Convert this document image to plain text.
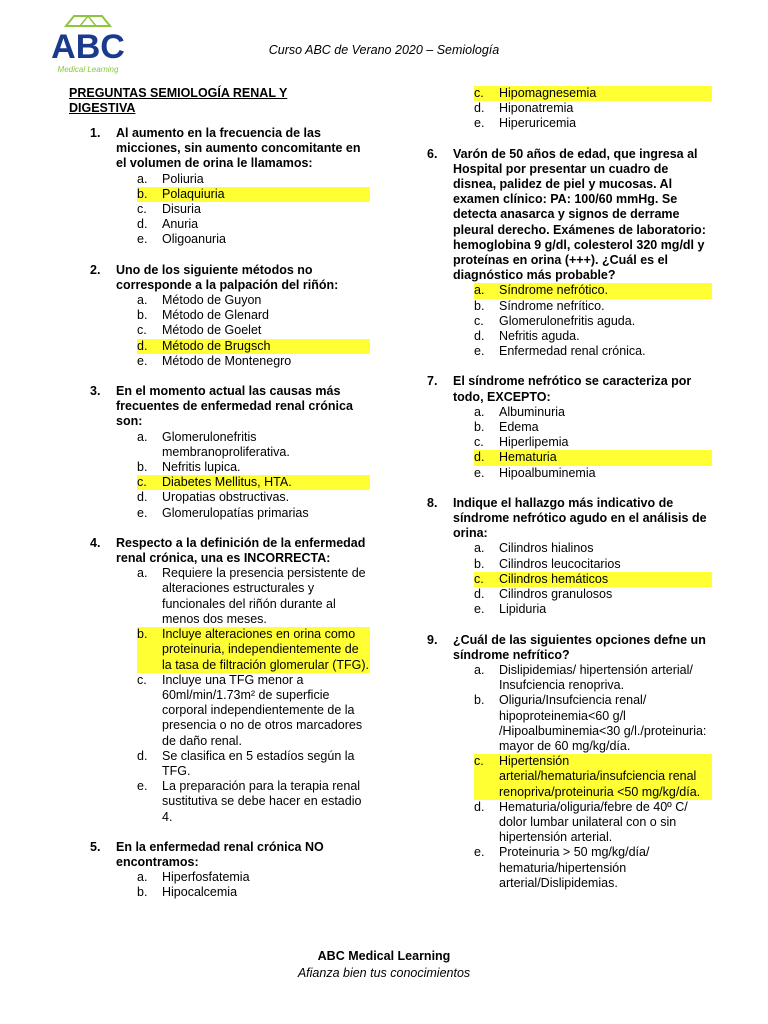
ABC
Medical Learning
Curso ABC de Verano 2020 – Semiología
PREGUNTAS SEMIOLOGÍA RENAL Y DIGESTIVA
1.	Al aumento en la frecuencia de las micciones, sin aumento concomitante en el volumen de orina le llamamos:
a.	Poliuria
b.	Polaquiuria
c.	Disuria
d.	Anuria
e.	Oligoanuria
2.	Uno de los siguiente métodos no corresponde a la palpación del riñón:
a.	Método de Guyon
b.	Método de Glenard
c.	Método de Goelet
d.	Método de Brugsch
e.	Método de Montenegro
3.	En el momento actual las causas más frecuentes de enfermedad renal crónica son:
a.	Glomerulonefritis membranoproliferativa.
b.	Nefritis lupica.
c.	Diabetes Mellitus, HTA.
d.	Uropatias obstructivas.
e.	Glomerulopatías primarias
4.	Respecto a la definición de la enfermedad renal crónica, una es INCORRECTA:
a.	Requiere la presencia persistente de alteraciones estructurales y funcionales del riñón durante al menos dos meses.
b.	Incluye alteraciones en orina como proteinuria, independientemente de la tasa de filtración glomerular (TFG).
c.	Incluye una TFG menor a 60ml/min/1.73m² de superficie corporal independientemente de la presencia o no de otros marcadores de daño renal.
d.	Se clasifica en 5 estadíos según la TFG.
e.	La preparación para la terapia renal sustitutiva se debe hacer en estadio 4.
5.	En la enfermedad renal crónica NO encontramos:
a.	Hiperfosfatemia
b.	Hipocalcemia
c.	Hipomagnesemia
d.	Hiponatremia
e.	Hiperuricemia
6.	Varón de 50 años de edad, que ingresa al Hospital por presentar un cuadro de disnea, palidez de piel y mucosas. Al examen clínico: PA: 100/60 mmHg. Se detecta anasarca y signos de derrame pleural derecho. Exámenes de laboratorio: hemoglobina 9 g/dl, colesterol 320 mg/dl y proteínas en orina (+++). ¿Cuál es el diagnóstico más probable?
a.	Síndrome nefrótico.
b.	Síndrome nefrítico.
c.	Glomerulonefritis aguda.
d.	Nefritis aguda.
e.	Enfermedad renal crónica.
7.	El síndrome nefrótico se caracteriza por todo, EXCEPTO:
a.	Albuminuria
b.	Edema
c.	Hiperlipemia
d.	Hematuria
e.	Hipoalbuminemia
8.	Indique el hallazgo más indicativo de síndrome nefrótico agudo en el análisis de orina:
a.	Cilindros hialinos
b.	Cilindros leucocitarios
c.	Cilindros hemáticos
d.	Cilindros granulosos
e.	Lipiduria
9.	¿Cuál de las siguientes opciones defne un síndrome nefrítico?
a.	Dislipidemias/ hipertensión arterial/ Insufciencia renopriva.
b.	Oliguria/Insufciencia renal/ hipoproteinemia<60 g/l /Hipoalbuminemia<30 g/l./proteinuria: mayor de 60 mg/kg/día.
c.	Hipertensión arterial/hematuria/insufciencia renal renopriva/proteinuria <50 mg/kg/día.
d.	Hematuria/oliguria/febre de 40º C/ dolor lumbar unilateral con o sin hipertensión arterial.
e.	Proteinuria > 50 mg/kg/día/ hematuria/hipertensión arterial/Dislipidemias.
ABC Medical Learning
Afianza bien tus conocimientos
